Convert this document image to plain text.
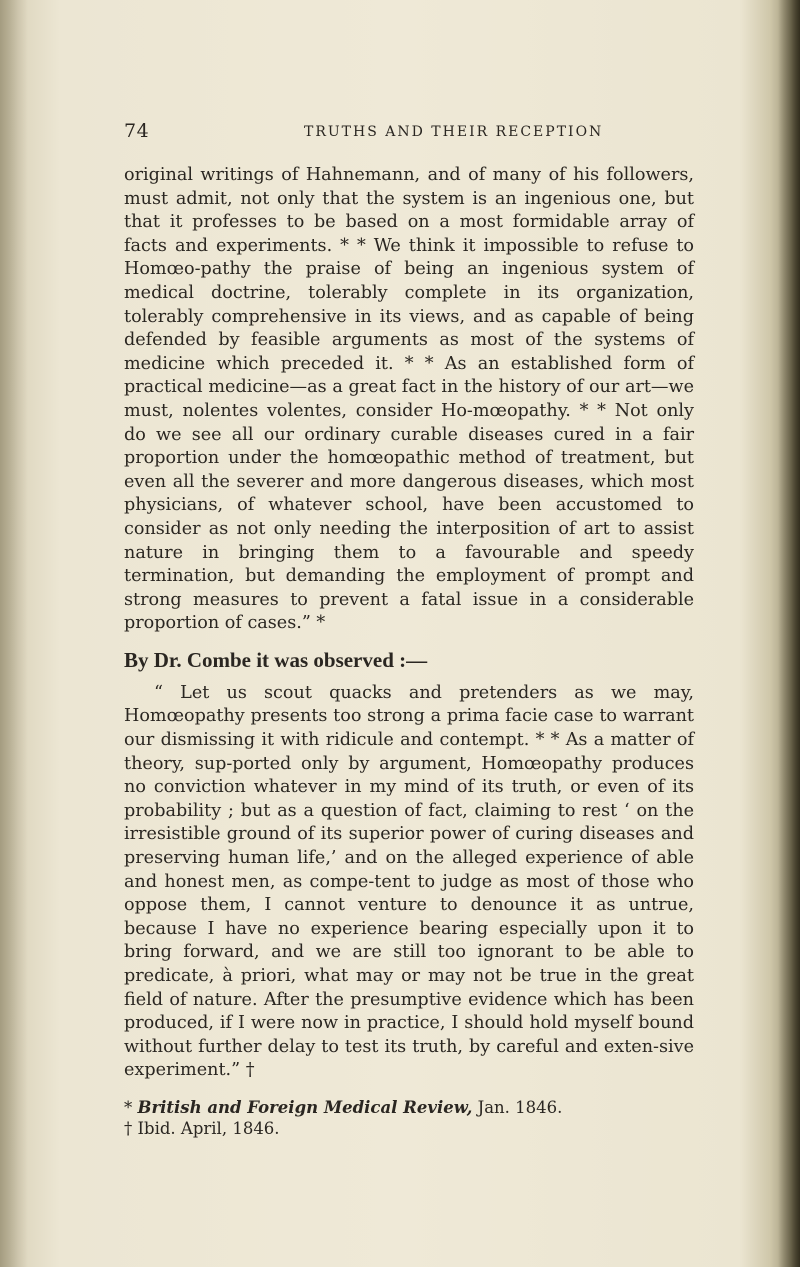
74	TRUTHS AND THEIR RECEPTION

original writings of Hahnemann, and of many of his followers, must admit, not only that the system is an ingenious one, but that it professes to be based on a most formidable array of facts and experiments. * * We think it impossible to refuse to Homœo-pathy the praise of being an ingenious system of medical doctrine, tolerably complete in its organization, tolerably comprehensive in its views, and as capable of being defended by feasible arguments as most of the systems of medicine which preceded it. * * As an established form of practical medicine—as a great fact in the history of our art—we must, nolentes volentes, consider Ho-mœopathy. * * Not only do we see all our ordinary curable diseases cured in a fair proportion under the homœopathic method of treatment, but even all the severer and more dangerous diseases, which most physicians, of whatever school, have been accustomed to consider as not only needing the interposition of art to assist nature in bringing them to a favourable and speedy termination, but demanding the employment of prompt and strong measures to prevent a fatal issue in a considerable proportion of cases.” *

By Dr. Combe it was observed :—

“ Let us scout quacks and pretenders as we may, Homœopathy presents too strong a prima facie case to warrant our dismissing it with ridicule and contempt. * * As a matter of theory, sup-ported only by argument, Homœopathy produces no conviction whatever in my mind of its truth, or even of its probability ; but as a question of fact, claiming to rest ‘ on the irresistible ground of its superior power of curing diseases and preserving human life,’ and on the alleged experience of able and honest men, as compe-tent to judge as most of those who oppose them, I cannot venture to denounce it as untrue, because I have no experience bearing especially upon it to bring forward, and we are still too ignorant to be able to predicate, à priori, what may or may not be true in the great field of nature. After the presumptive evidence which has been produced, if I were now in practice, I should hold myself bound without further delay to test its truth, by careful and exten-sive experiment.” †

* British and Foreign Medical Review, Jan. 1846.

† Ibid. April, 1846.
